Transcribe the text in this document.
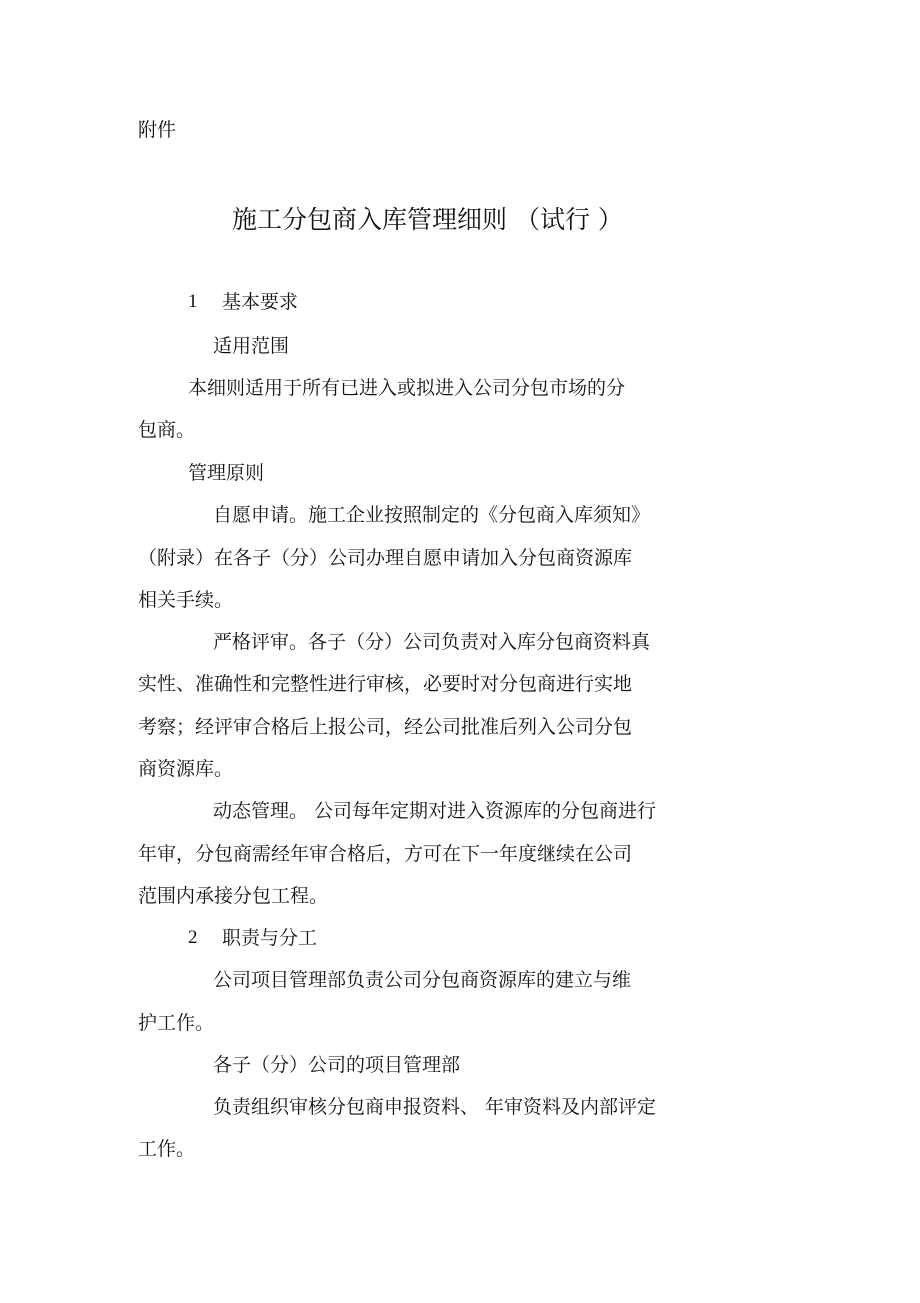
附件
施工分包商入库管理细则 （试行 ）
1 基本要求
适用范围
本细则适用于所有已进入或拟进入公司分包市场的分
包商。
管理原则
自愿申请。施工企业按照制定的《分包商入库须知》
（附录）在各子（分）公司办理自愿申请加入分包商资源库
相关手续。
严格评审。各子（分）公司负责对入库分包商资料真
实性、准确性和完整性进行审核，必要时对分包商进行实地
考察；经评审合格后上报公司，经公司批准后列入公司分包
商资源库。
动态管理。 公司每年定期对进入资源库的分包商进行
年审，分包商需经年审合格后，方可在下一年度继续在公司
范围内承接分包工程。
2 职责与分工
公司项目管理部负责公司分包商资源库的建立与维
护工作。
各子（分）公司的项目管理部
负责组织审核分包商申报资料、 年审资料及内部评定
工作。
